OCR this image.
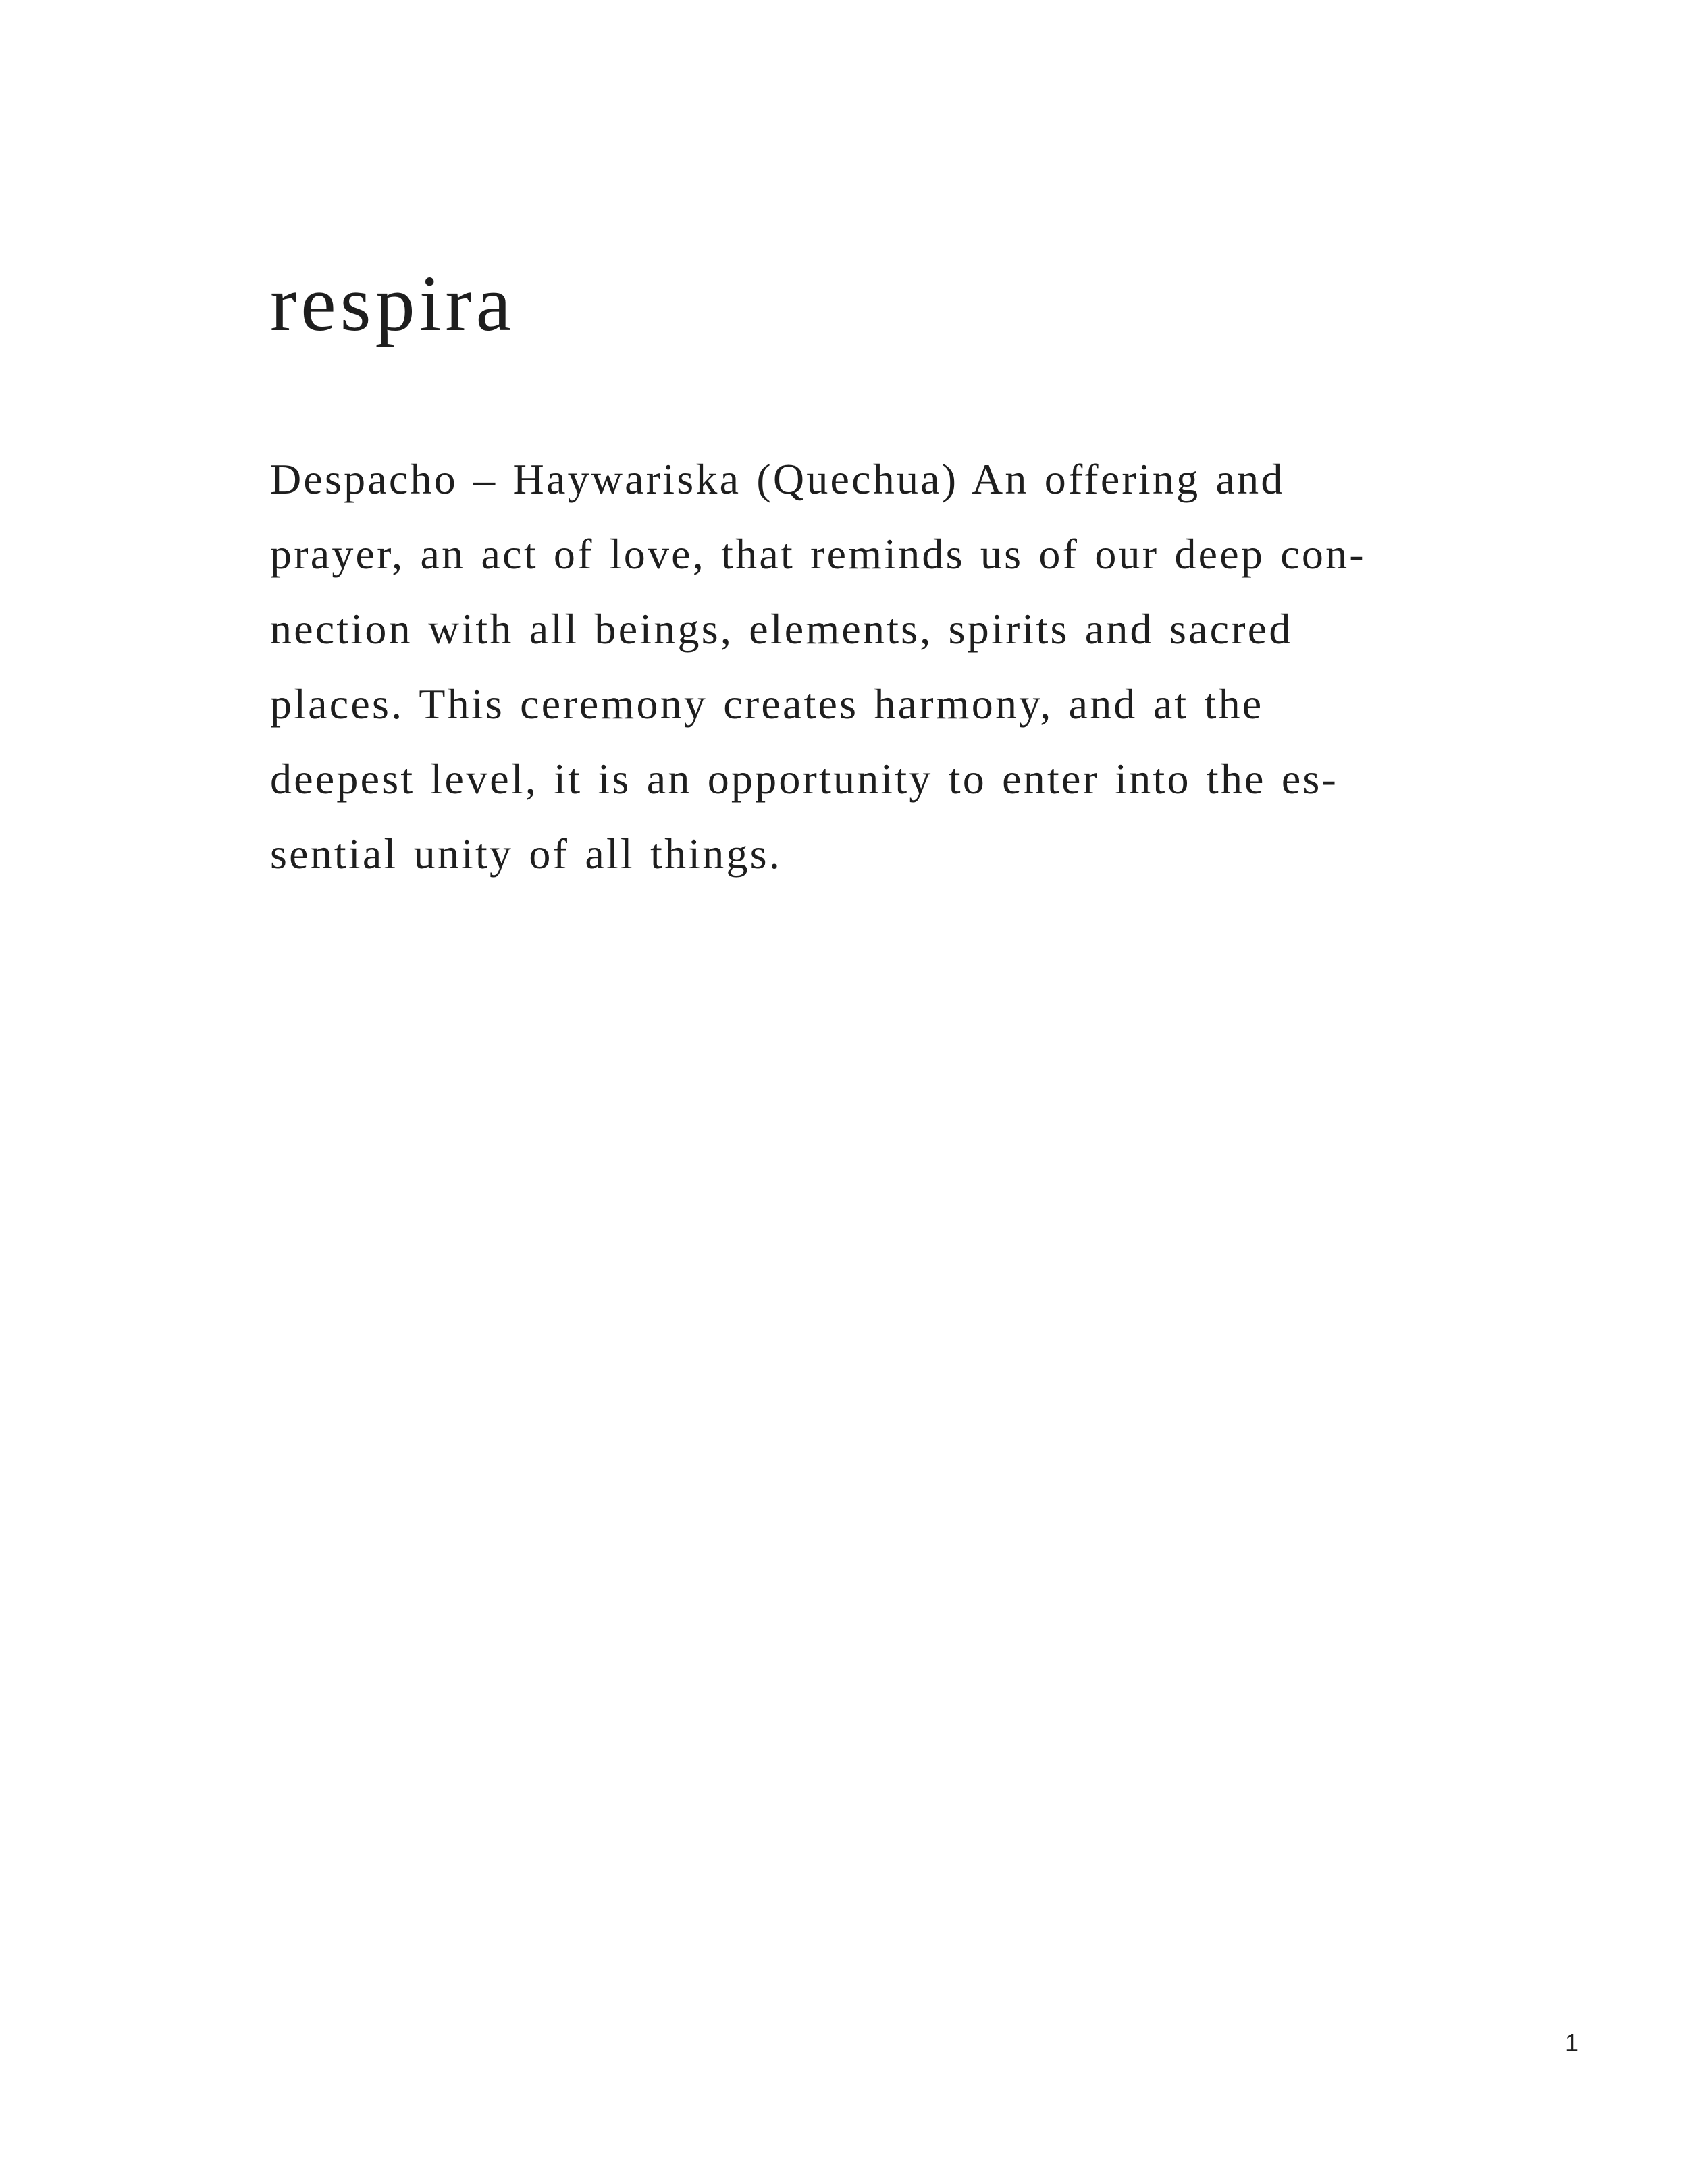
respira

Despacho – Haywariska (Quechua) An offering and
prayer, an act of love, that reminds us of our deep con-
nection with all beings, elements, spirits and sacred
places. This ceremony creates harmony, and at the
deepest level, it is an opportunity to enter into the es-
sential unity of all things.

1
